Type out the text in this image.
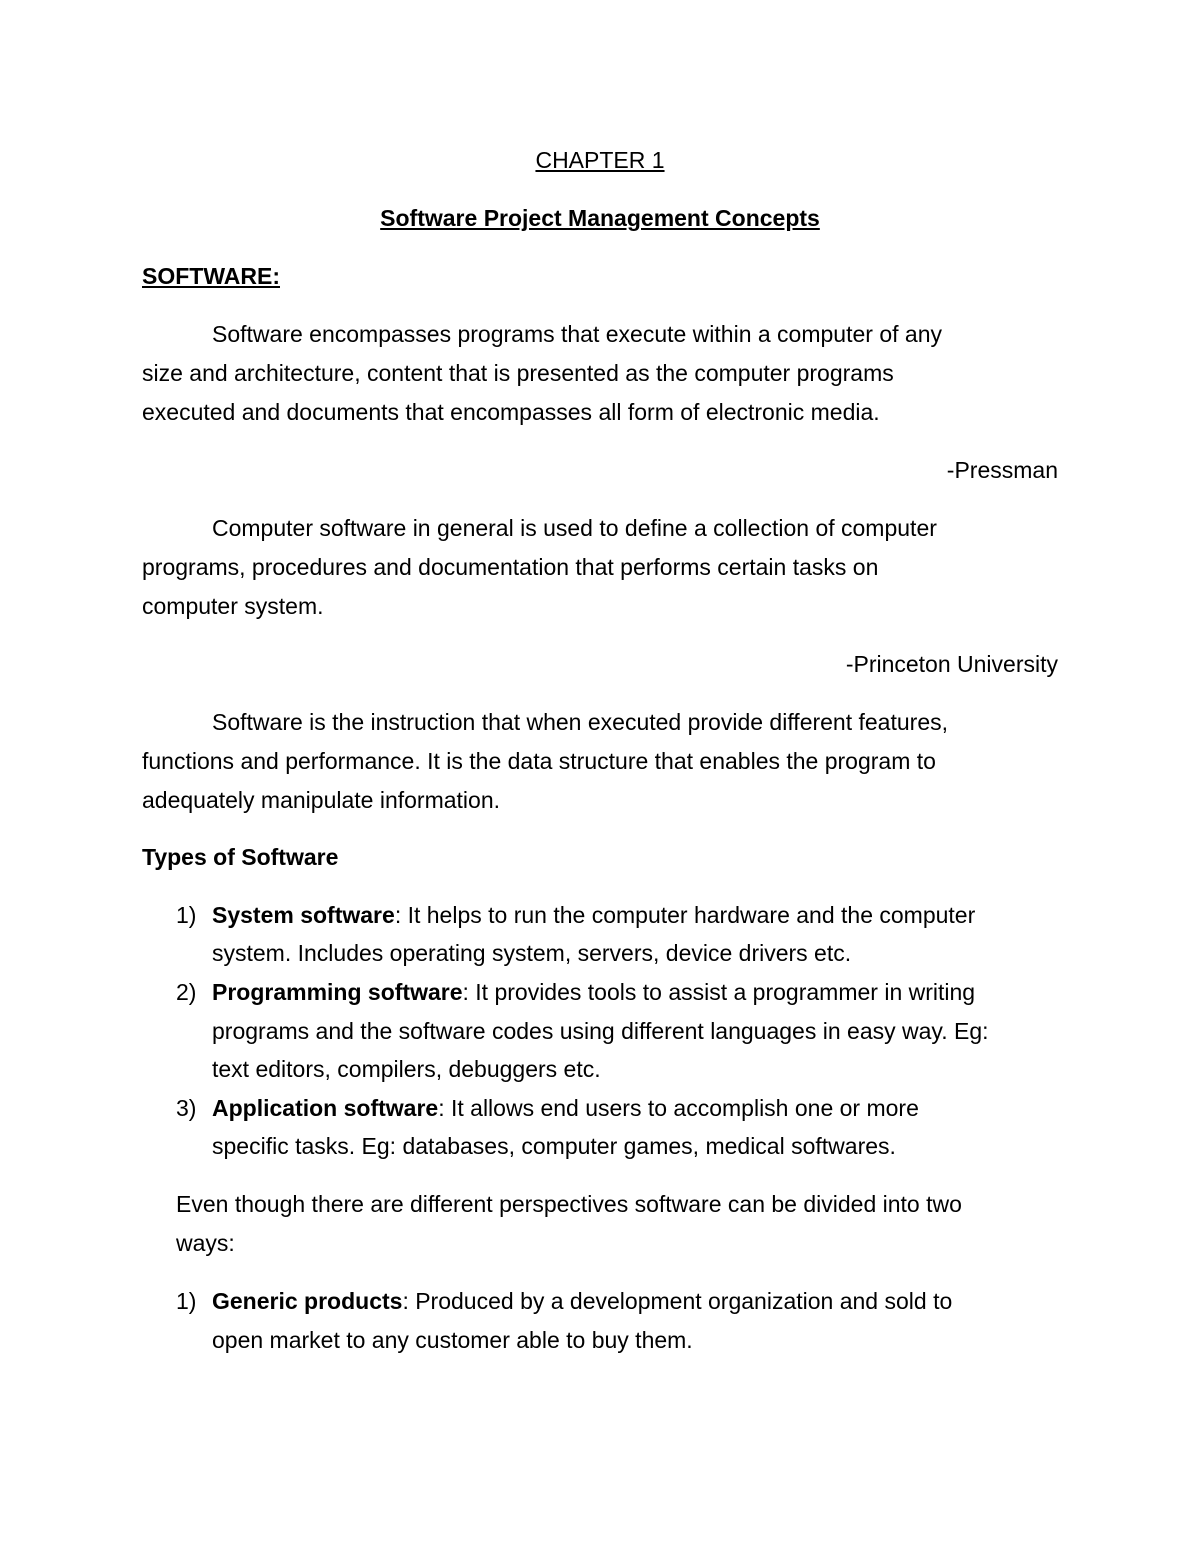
CHAPTER 1
Software Project Management Concepts
SOFTWARE:
Software encompasses programs that execute within a computer of any
size and architecture, content that is presented as the computer programs
executed and documents that encompasses all form of electronic media.
-Pressman
Computer software in general is used to define a collection of computer
programs, procedures and documentation that performs certain tasks on
computer system.
-Princeton University
Software is the instruction that when executed provide different features,
functions and performance. It is the data structure that enables the program to
adequately manipulate information.
Types of Software
1) System software: It helps to run the computer hardware and the computer
system. Includes operating system, servers, device drivers etc.
2) Programming software: It provides tools to assist a programmer in writing
programs and the software codes using different languages in easy way. Eg:
text editors, compilers, debuggers etc.
3) Application software: It allows end users to accomplish one or more
specific tasks. Eg: databases, computer games, medical softwares.
Even though there are different perspectives software can be divided into two
ways:
1) Generic products: Produced by a development organization and sold to
open market to any customer able to buy them.
